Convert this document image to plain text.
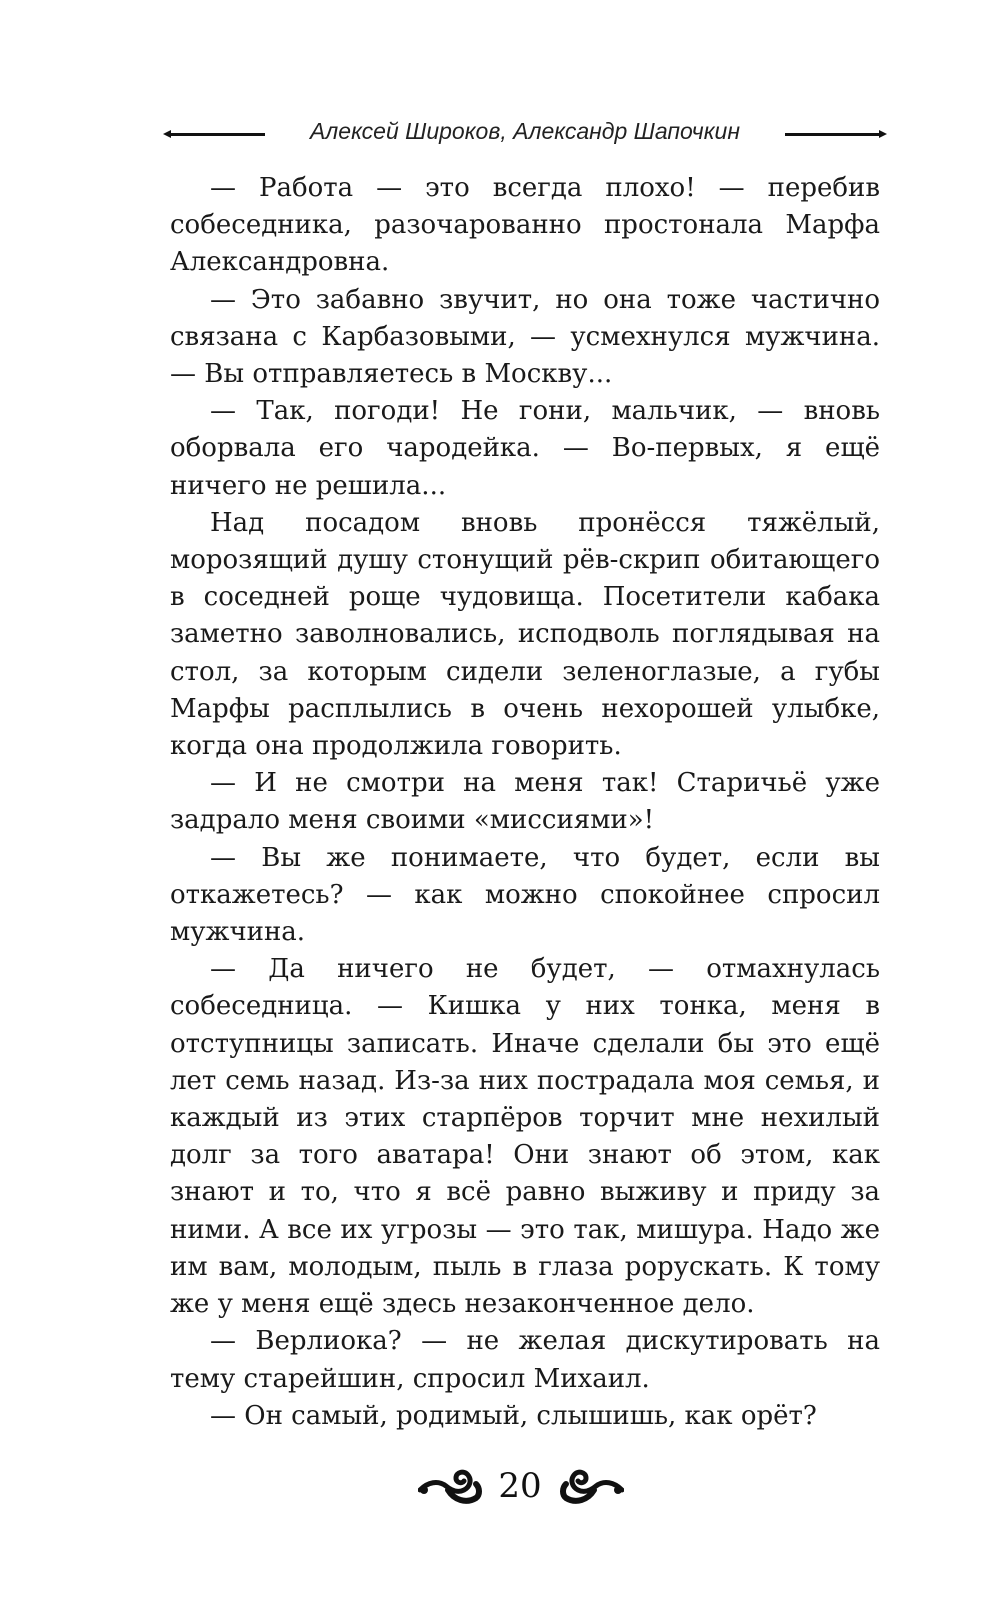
Алексей Широков, Александр Шапочкин

— Работа — это всегда плохо! — перебив собеседника, разочарованно простонала Марфа Александровна.

— Это забавно звучит, но она тоже частично связана с Карбазовыми, — усмехнулся мужчина. — Вы отправляетесь в Москву...

— Так, погоди! Не гони, мальчик, — вновь оборвала его чародейка. — Во-первых, я ещё ничего не решила...

Над посадом вновь пронёсся тяжёлый, морозящий душу стонущий рёв-скрип обитающего в соседней роще чудовища. Посетители кабака заметно заволновались, исподволь поглядывая на стол, за которым сидели зеленоглазые, а губы Марфы расплылись в очень нехорошей улыбке, когда она продолжила говорить.

— И не смотри на меня так! Старичьё уже задрало меня своими «миссиями»!

— Вы же понимаете, что будет, если вы откажетесь? — как можно спокойнее спросил мужчина.

— Да ничего не будет, — отмахнулась собеседница. — Кишка у них тонка, меня в отступницы записать. Иначе сделали бы это ещё лет семь назад. Из-за них пострадала моя семья, и каждый из этих старпёров торчит мне нехилый долг за того аватара! Они знают об этом, как знают и то, что я всё равно выживу и приду за ними. А все их угрозы — это так, мишура. Надо же им вам, молодым, пыль в глаза popускать. К тому же у меня ещё здесь незаконченное дело.

— Верлиока? — не желая дискутировать на тему старейшин, спросил Михаил.

— Он самый, родимый, слышишь, как орёт?

20
